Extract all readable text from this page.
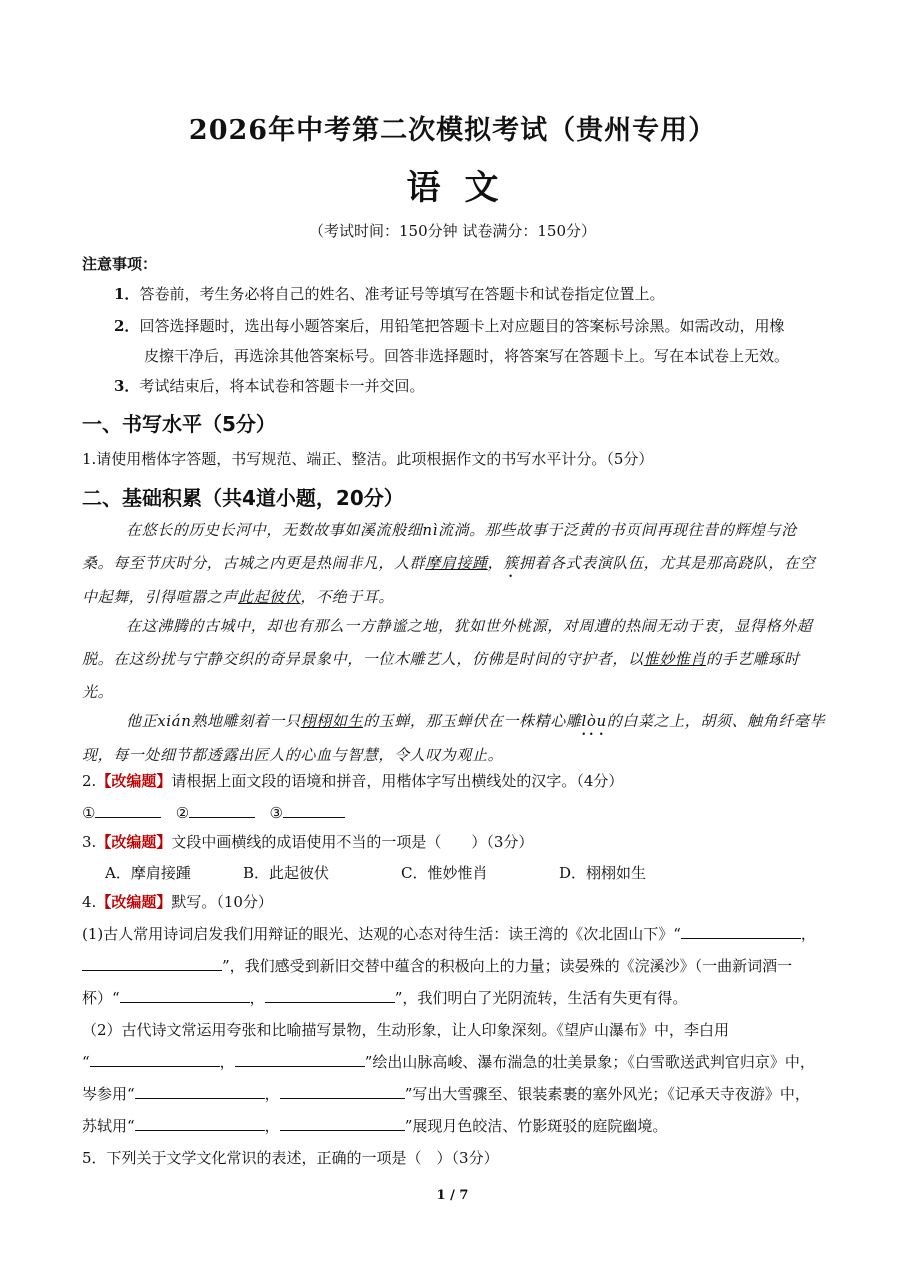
2026年中考第二次模拟考试（贵州专用）
语文
（考试时间：150分钟 试卷满分：150分）
注意事项：
1．答卷前，考生务必将自己的姓名、准考证号等填写在答题卡和试卷指定位置上。
2．回答选择题时，选出每小题答案后，用铅笔把答题卡上对应题目的答案标号涂黑。如需改动，用橡
皮擦干净后，再选涂其他答案标号。回答非选择题时，将答案写在答题卡上。写在本试卷上无效。
3．考试结束后，将本试卷和答题卡一并交回。
一、书写水平（5分）
1.请使用楷体字答题，书写规范、端正、整洁。此项根据作文的书写水平计分。（5分）
二、基础积累（共4道小题，20分）
在悠长的历史长河中，无数故事如溪流般细nì流淌。那些故事于泛黄的书页间再现往昔的辉煌与沧桑。每至节庆时分，古城之内更是热闹非凡，人群摩肩接踵，簇拥着各式表演队伍，尤其是那高跷队，在空中起舞，引得喧嚣之声此起彼伏，不绝于耳。
在这沸腾的古城中，却也有那么一方静谧之地，犹如世外桃源，对周遭的热闹无动于衷，显得格外超脱。在这纷扰与宁静交织的奇异景象中，一位木雕艺人，仿佛是时间的守护者，以惟妙惟肖的手艺雕琢时光。
他正xián熟地雕刻着一只栩栩如生的玉蝉，那玉蝉伏在一株精心雕lòu的白菜之上，胡须、触角纤毫毕现，每一处细节都透露出匠人的心血与智慧，令人叹为观止。
2.【改编题】请根据上面文段的语境和拼音，用楷体字写出横线处的汉字。（4分）
①	②	③
3.【改编题】文段中画横线的成语使用不当的一项是（　　）（3分）
A．摩肩接踵	B．此起彼伏	C．惟妙惟肖	D．栩栩如生
4.【改编题】默写。（10分）
(1)古人常用诗词启发我们用辩证的眼光、达观的心态对待生活：读王湾的《次北固山下》“	，
”，我们感受到新旧交替中蕴含的积极向上的力量；读晏殊的《浣溪沙》（一曲新词酒一
杯）“	，	”，我们明白了光阴流转，生活有失更有得。
（2）古代诗文常运用夸张和比喻描写景物，生动形象，让人印象深刻。《望庐山瀑布》中，李白用
“	，	”绘出山脉高峻、瀑布湍急的壮美景象；《白雪歌送武判官归京》中，
岑参用“	，	”写出大雪骤至、银装素裹的塞外风光；《记承天寺夜游》中，
苏轼用“	，	”展现月色皎洁、竹影斑驳的庭院幽境。
5．下列关于文学文化常识的表述，正确的一项是（　）（3分）
1 / 7
